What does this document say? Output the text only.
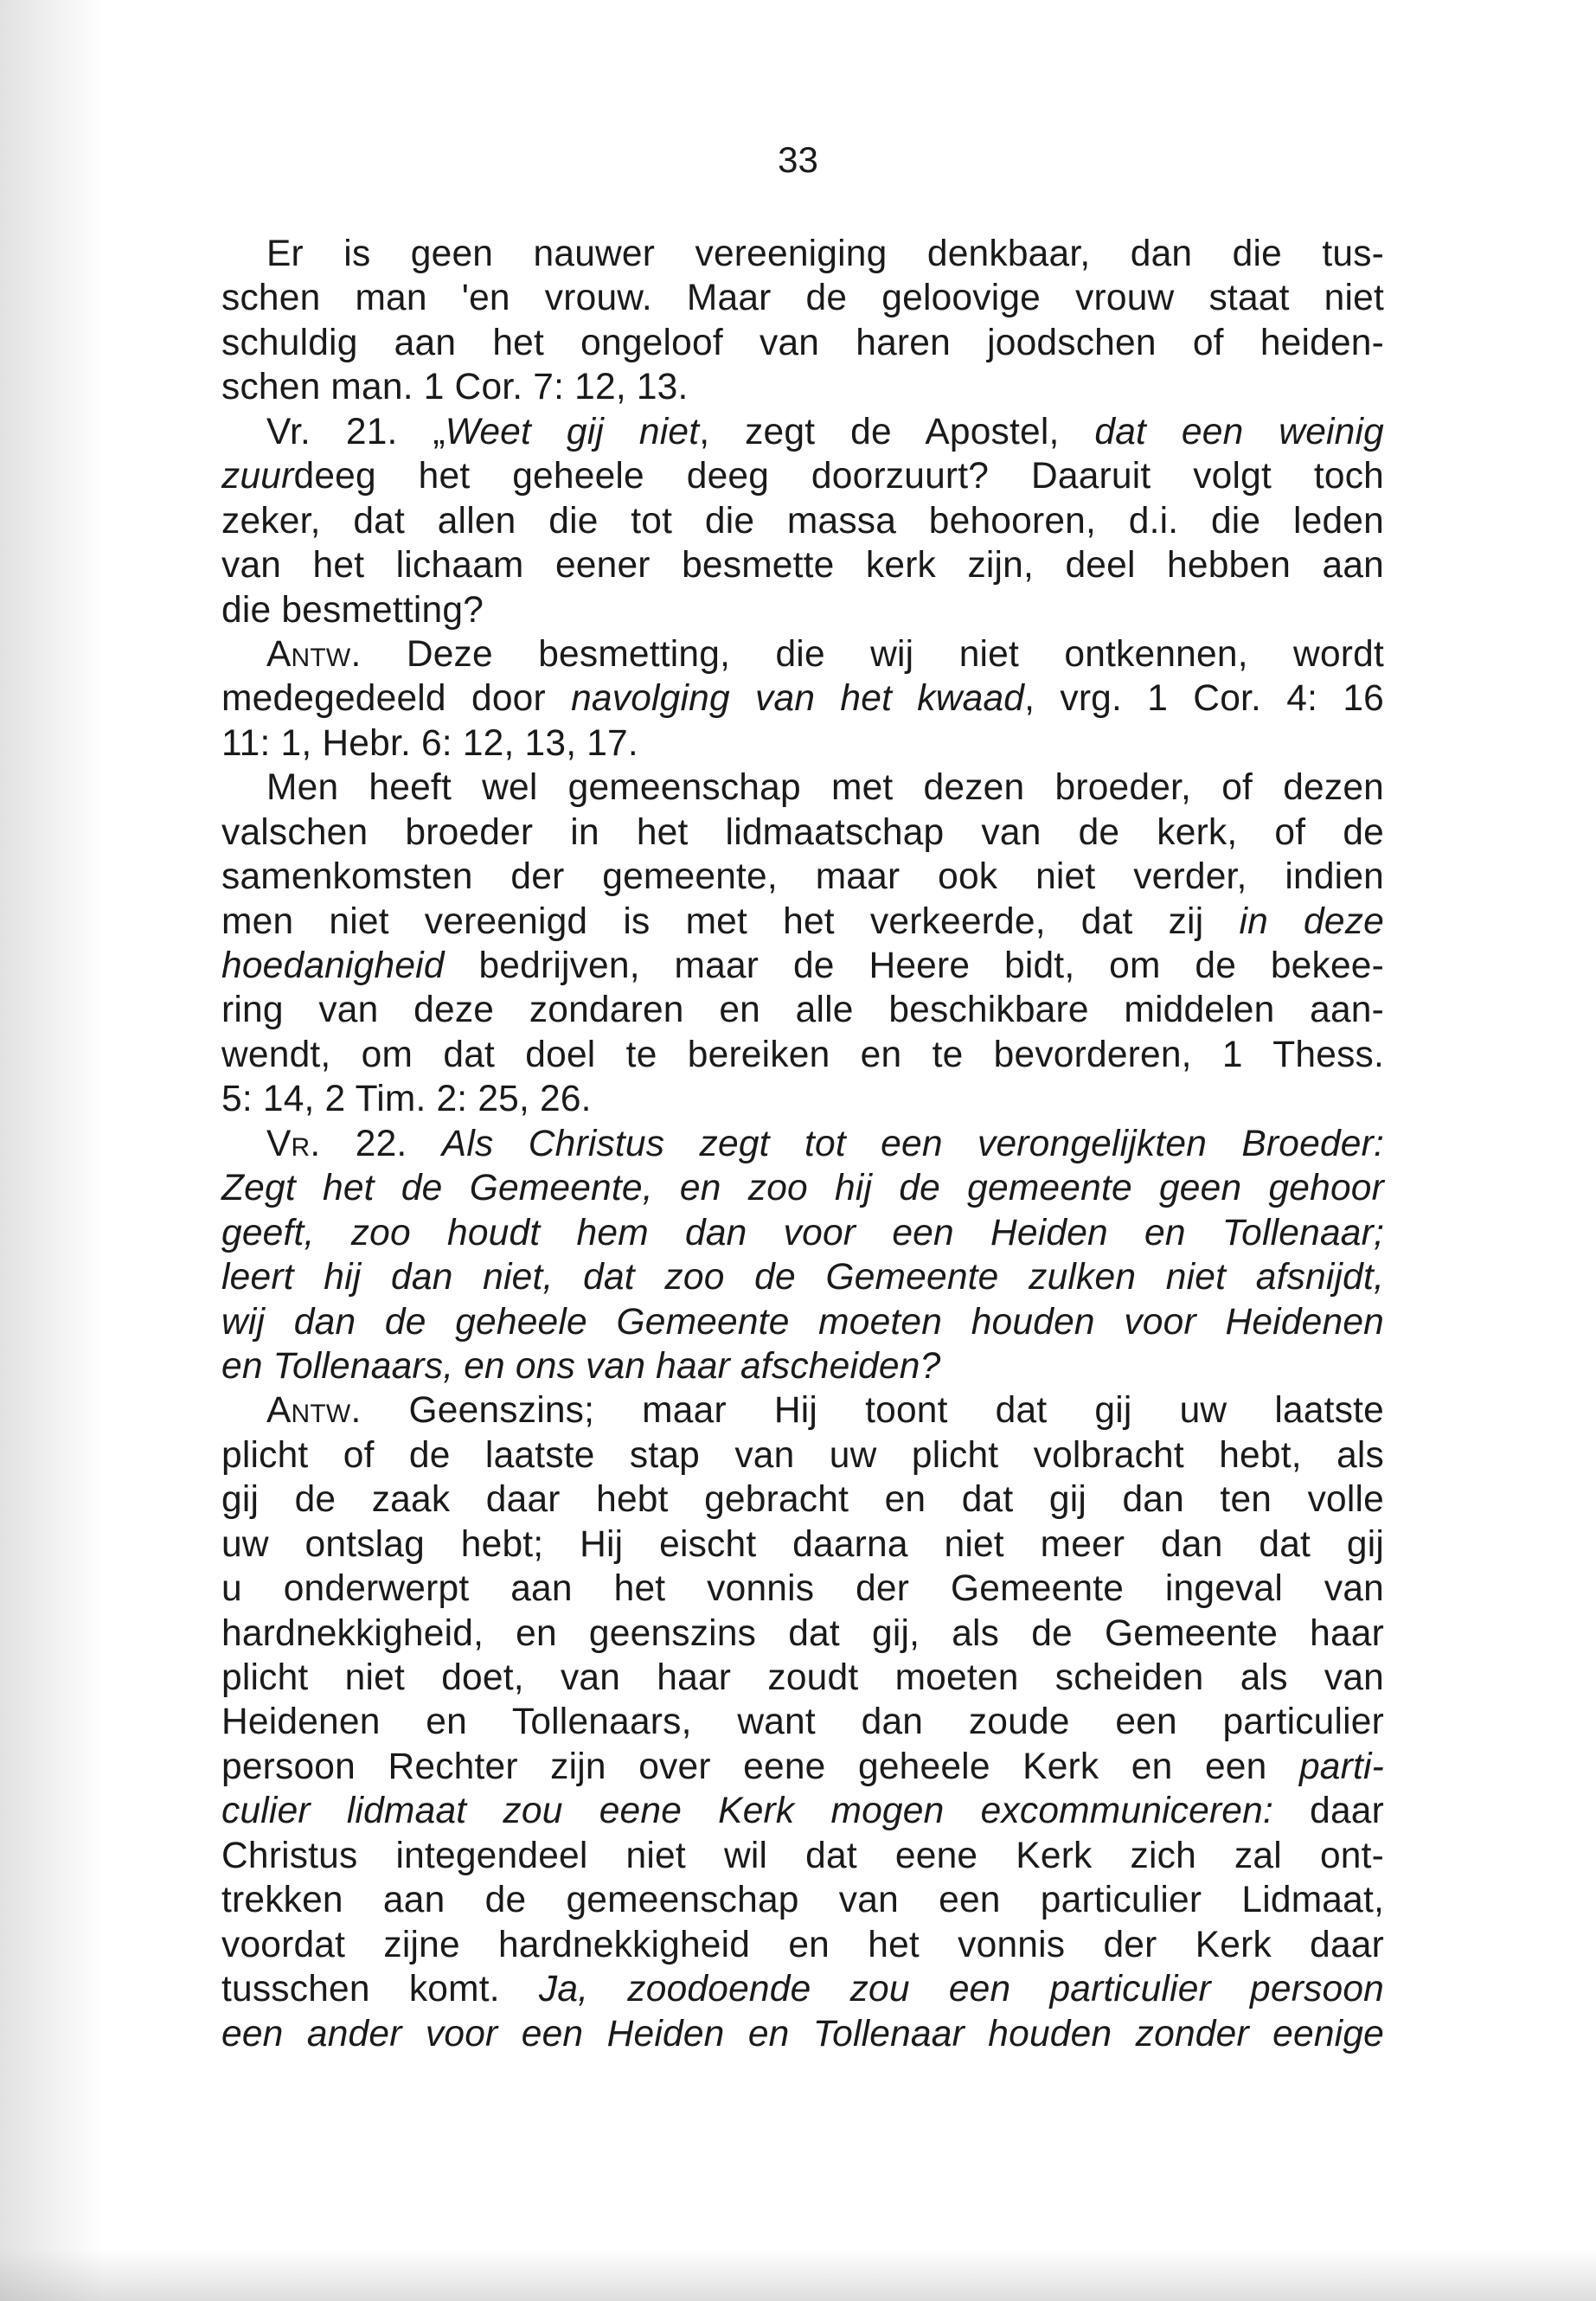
33
Er is geen nauwer vereeniging denkbaar, dan die tus-
schen man 'en vrouw. Maar de geloovige vrouw staat niet
schuldig aan het ongeloof van haren joodschen of heiden-
schen man. 1 Cor. 7: 12, 13.
Vr. 21. „Weet gij niet, zegt de Apostel, dat een weinig
zuurdeeg het geheele deeg doorzuurt? Daaruit volgt toch
zeker, dat allen die tot die massa behooren, d.i. die leden
van het lichaam eener besmette kerk zijn, deel hebben aan
die besmetting?
Antw. Deze besmetting, die wij niet ontkennen, wordt
medegedeeld door navolging van het kwaad, vrg. 1 Cor. 4: 16
11: 1, Hebr. 6: 12, 13, 17.
Men heeft wel gemeenschap met dezen broeder, of dezen
valschen broeder in het lidmaatschap van de kerk, of de
samenkomsten der gemeente, maar ook niet verder, indien
men niet vereenigd is met het verkeerde, dat zij in deze
hoedanigheid bedrijven, maar de Heere bidt, om de bekee-
ring van deze zondaren en alle beschikbare middelen aan-
wendt, om dat doel te bereiken en te bevorderen, 1 Thess.
5: 14, 2 Tim. 2: 25, 26.
Vr. 22. Als Christus zegt tot een verongelijkten Broeder:
Zegt het de Gemeente, en zoo hij de gemeente geen gehoor
geeft, zoo houdt hem dan voor een Heiden en Tollenaar;
leert hij dan niet, dat zoo de Gemeente zulken niet afsnijdt,
wij dan de geheele Gemeente moeten houden voor Heidenen
en Tollenaars, en ons van haar afscheiden?
Antw. Geenszins; maar Hij toont dat gij uw laatste
plicht of de laatste stap van uw plicht volbracht hebt, als
gij de zaak daar hebt gebracht en dat gij dan ten volle
uw ontslag hebt; Hij eischt daarna niet meer dan dat gij
u onderwerpt aan het vonnis der Gemeente ingeval van
hardnekkigheid, en geenszins dat gij, als de Gemeente haar
plicht niet doet, van haar zoudt moeten scheiden als van
Heidenen en Tollenaars, want dan zoude een particulier
persoon Rechter zijn over eene geheele Kerk en een parti-
culier lidmaat zou eene Kerk mogen excommuniceren: daar
Christus integendeel niet wil dat eene Kerk zich zal ont-
trekken aan de gemeenschap van een particulier Lidmaat,
voordat zijne hardnekkigheid en het vonnis der Kerk daar
tusschen komt. Ja, zoodoende zou een particulier persoon
een ander voor een Heiden en Tollenaar houden zonder eenige
